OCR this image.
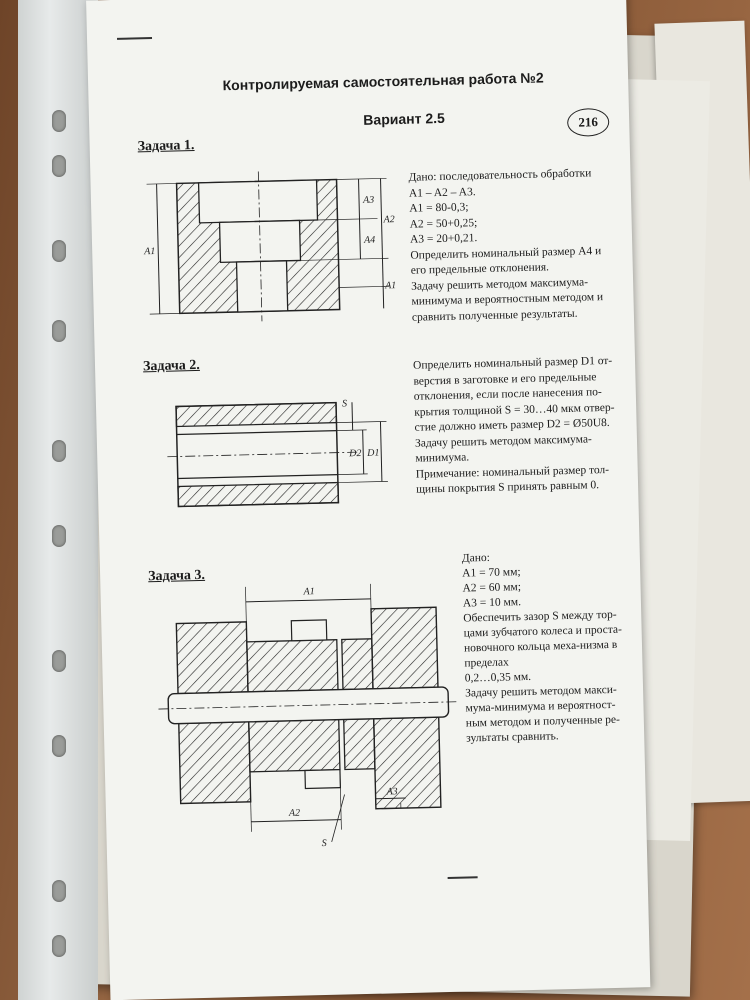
Контролируемая самостоятельная работа №2
Вариант 2.5	216
Задача 1.
A1
A3
A4
A2
A1
Дано: последовательность обработки
A1 – A2 – A3.
A1 = 80-0,3;
A2 = 50+0,25;
A3 = 20+0,21.
Определить номинальный размер A4 и
его предельные отклонения.
Задачу решить методом максимума-
минимума и вероятностным методом и
сравнить полученные результаты.
Задача 2.
S
D2 D1
Определить номинальный размер D1 от-
верстия в заготовке и его предельные
отклонения, если после нанесения по-
крытия толщиной S = 30…40 мкм отвер-
стие должно иметь размер D2 = Ø50U8.
Задачу решить методом максимума-
минимума.
Примечание: номинальный размер тол-
щины покрытия S принять равным 0.
Задача 3.
A1
A2
A3
S
Дано:
A1 = 70 мм;
A2 = 60 мм;
A3 = 10 мм.
Обеспечить зазор S между тор-
цами зубчатого колеса и проста-
новочного кольца меха-низма в
пределах
0,2…0,35 мм.
Задачу решить методом макси-
мума-минимума и вероятност-
ным методом и полученные ре-
зультаты сравнить.
